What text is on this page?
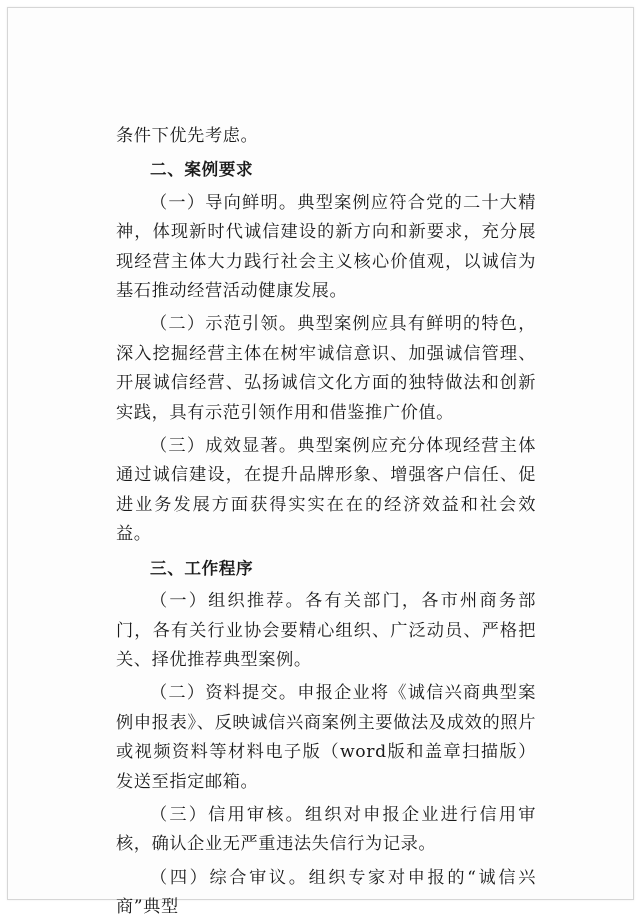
条件下优先考虑。

二、案例要求

（一）导向鲜明。典型案例应符合党的二十大精神，体现新时代诚信建设的新方向和新要求，充分展现经营主体大力践行社会主义核心价值观，以诚信为基石推动经营活动健康发展。

（二）示范引领。典型案例应具有鲜明的特色，深入挖掘经营主体在树牢诚信意识、加强诚信管理、开展诚信经营、弘扬诚信文化方面的独特做法和创新实践，具有示范引领作用和借鉴推广价值。

（三）成效显著。典型案例应充分体现经营主体通过诚信建设，在提升品牌形象、增强客户信任、促进业务发展方面获得实实在在的经济效益和社会效益。

三、工作程序

（一）组织推荐。各有关部门，各市州商务部门，各有关行业协会要精心组织、广泛动员、严格把关、择优推荐典型案例。

（二）资料提交。申报企业将《诚信兴商典型案例申报表》、反映诚信兴商案例主要做法及成效的照片或视频资料等材料电子版（word版和盖章扫描版）发送至指定邮箱。

（三）信用审核。组织对申报企业进行信用审核，确认企业无严重违法失信行为记录。

（四）综合审议。组织专家对申报的“诚信兴商”典型
